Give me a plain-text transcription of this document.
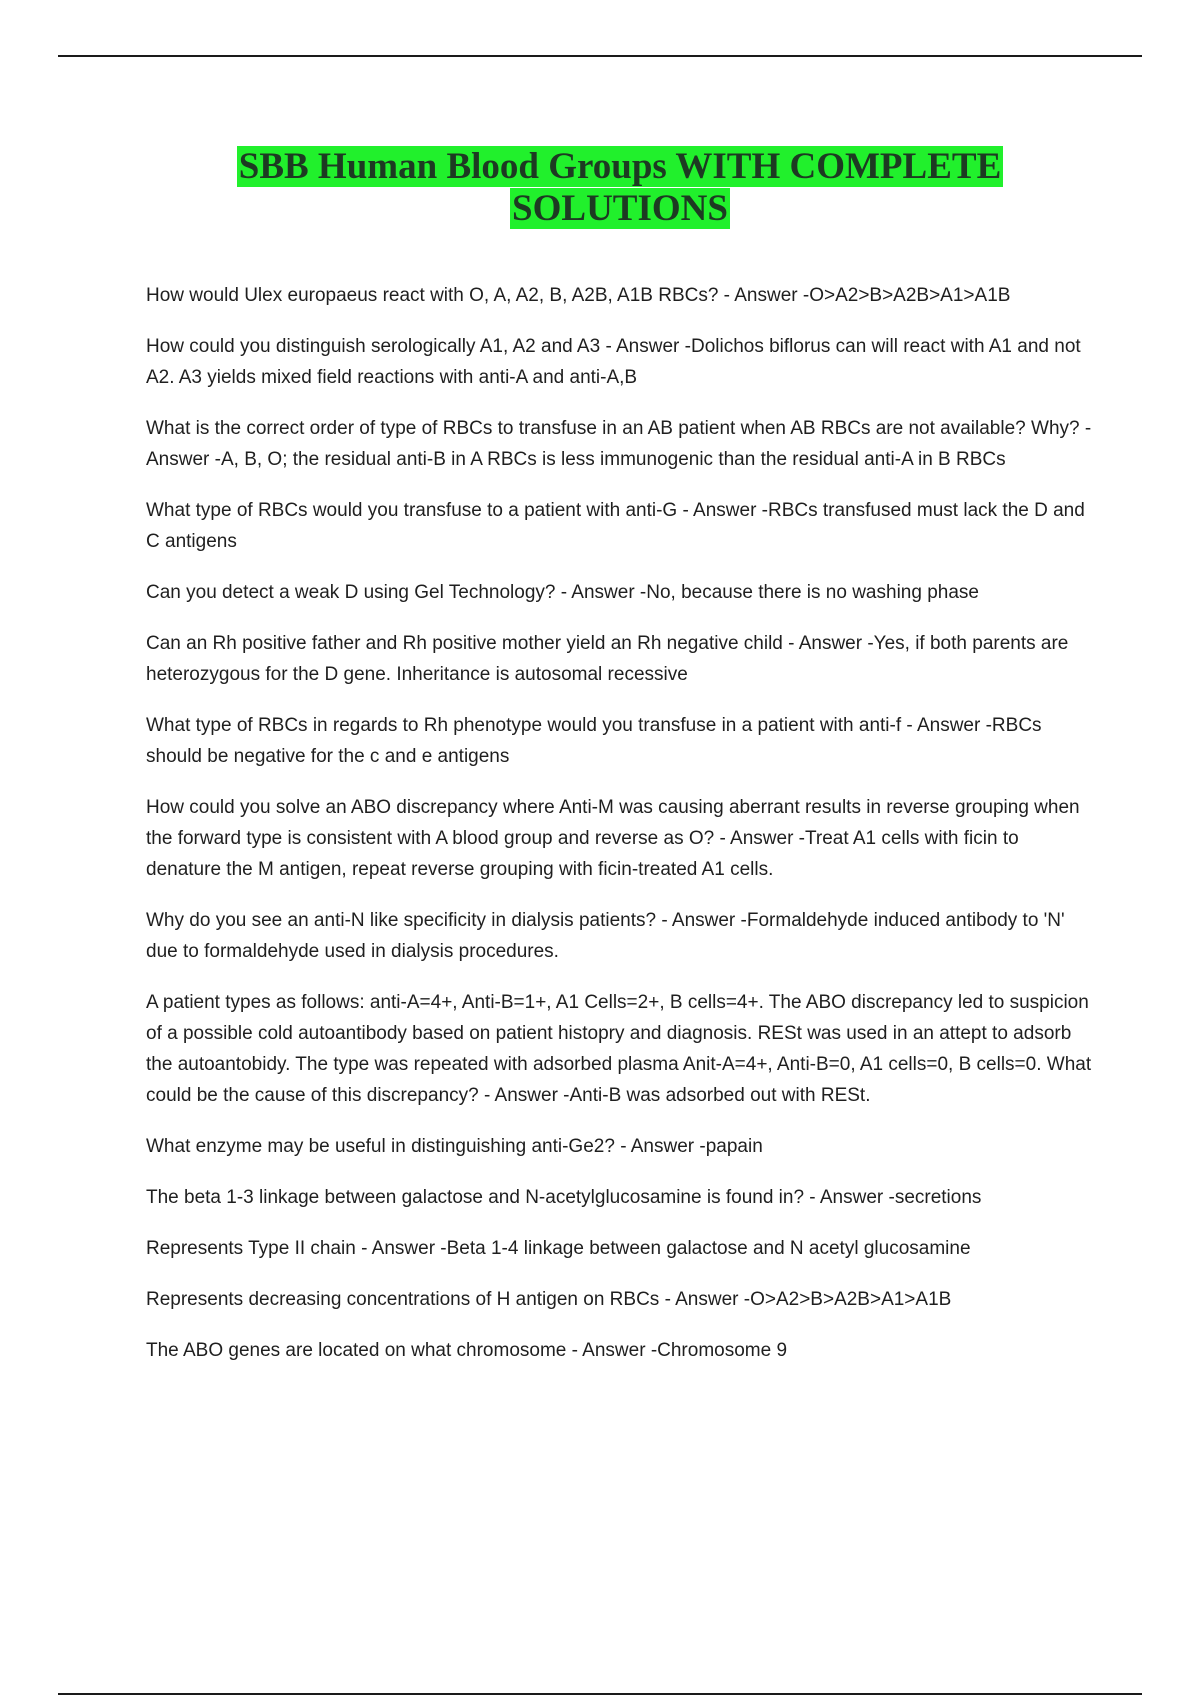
SBB Human Blood Groups WITH COMPLETE SOLUTIONS
How would Ulex europaeus react with O, A, A2, B, A2B, A1B RBCs? - Answer -O>A2>B>A2B>A1>A1B
How could you distinguish serologically A1, A2 and A3 - Answer -Dolichos biflorus can will react with A1 and not A2. A3 yields mixed field reactions with anti-A and anti-A,B
What is the correct order of type of RBCs to transfuse in an AB patient when AB RBCs are not available? Why? - Answer -A, B, O; the residual anti-B in A RBCs is less immunogenic than the residual anti-A in B RBCs
What type of RBCs would you transfuse to a patient with anti-G - Answer -RBCs transfused must lack the D and C antigens
Can you detect a weak D using Gel Technology? - Answer -No, because there is no washing phase
Can an Rh positive father and Rh positive mother yield an Rh negative child - Answer -Yes, if both parents are heterozygous for the D gene. Inheritance is autosomal recessive
What type of RBCs in regards to Rh phenotype would you transfuse in a patient with anti-f - Answer -RBCs should be negative for the c and e antigens
How could you solve an ABO discrepancy where Anti-M was causing aberrant results in reverse grouping when the forward type is consistent with A blood group and reverse as O? - Answer -Treat A1 cells with ficin to denature the M antigen, repeat reverse grouping with ficin-treated A1 cells.
Why do you see an anti-N like specificity in dialysis patients? - Answer -Formaldehyde induced antibody to 'N' due to formaldehyde used in dialysis procedures.
A patient types as follows: anti-A=4+, Anti-B=1+, A1 Cells=2+, B cells=4+. The ABO discrepancy led to suspicion of a possible cold autoantibody based on patient histopry and diagnosis. RESt was used in an attept to adsorb the autoantobidy. The type was repeated with adsorbed plasma Anit-A=4+, Anti-B=0, A1 cells=0, B cells=0. What could be the cause of this discrepancy? - Answer -Anti-B was adsorbed out with RESt.
What enzyme may be useful in distinguishing anti-Ge2? - Answer -papain
The beta 1-3 linkage between galactose and N-acetylglucosamine is found in? - Answer -secretions
Represents Type II chain - Answer -Beta 1-4 linkage between galactose and N acetyl glucosamine
Represents decreasing concentrations of H antigen on RBCs - Answer -O>A2>B>A2B>A1>A1B
The ABO genes are located on what chromosome - Answer -Chromosome 9
